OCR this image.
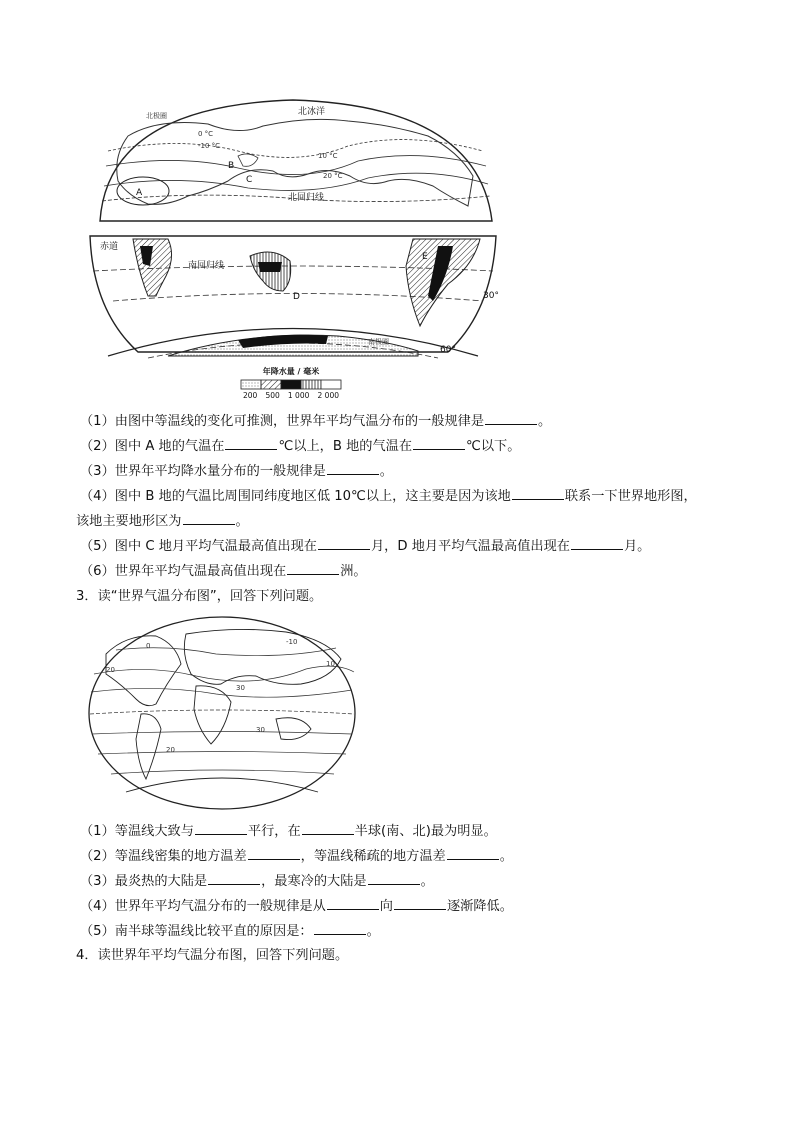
北冰洋
北极圈
北回归线
10 °C
20 °C
0 °C
-10 °C
A
B
C
赤道
南回归线
南极圈
30°
60°
D
E
年降水量 / 毫米
200 500 1 000 2 000
（1）由图中等温线的变化可推测，世界年平均气温分布的一般规律是	。
（2）图中 A 地的气温在	℃以上，B 地的气温在	℃以下。
（3）世界年平均降水量分布的一般规律是	。
（4）图中 B 地的气温比周围同纬度地区低 10℃以上，这主要是因为该地	联系一下世界地形图，
该地主要地形区为	。
（5）图中 C 地月平均气温最高值出现在	月，D 地月平均气温最高值出现在	月。
（6）世界年平均气温最高值出现在	洲。
3．读“世界气温分布图”，回答下列问题。
20
30
10
0	-10
20
30
（1）等温线大致与	平行，在	半球(南、北)最为明显。
（2）等温线密集的地方温差	，等温线稀疏的地方温差	。
（3）最炎热的大陆是	，最寒冷的大陆是	。
（4）世界年平均气温分布的一般规律是从	向	逐渐降低。
（5）南半球等温线比较平直的原因是：	。
4．读世界年平均气温分布图，回答下列问题。
